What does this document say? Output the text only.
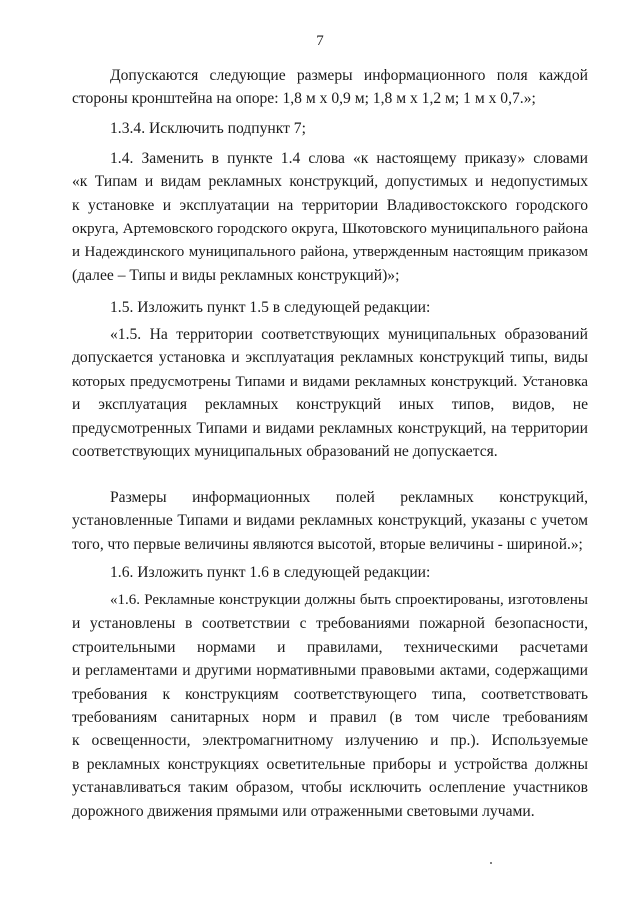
7
Допускаются следующие размеры информационного поля каждой
стороны кронштейна на опоре: 1,8 м х 0,9 м; 1,8 м х 1,2 м; 1 м х 0,7.»;
1.3.4. Исключить подпункт 7;
1.4. Заменить в пункте 1.4 слова «к настоящему приказу» словами
«к Типам и видам рекламных конструкций, допустимых и недопустимых
к установке и эксплуатации на территории Владивостокского городского
округа, Артемовского городского округа, Шкотовского муниципального района
и Надеждинского муниципального района, утвержденным настоящим приказом
(далее – Типы и виды рекламных конструкций)»;
1.5. Изложить пункт 1.5 в следующей редакции:
«1.5. На территории соответствующих муниципальных образований
допускается установка и эксплуатация рекламных конструкций типы, виды
которых предусмотрены Типами и видами рекламных конструкций. Установка
и эксплуатация рекламных конструкций иных типов, видов, не
предусмотренных Типами и видами рекламных конструкций, на территории
соответствующих муниципальных образований не допускается.
Размеры информационных полей рекламных конструкций,
установленные Типами и видами рекламных конструкций, указаны с учетом
того, что первые величины являются высотой, вторые величины - шириной.»;
1.6. Изложить пункт 1.6 в следующей редакции:
«1.6. Рекламные конструкции должны быть спроектированы, изготовлены
и установлены в соответствии с требованиями пожарной безопасности,
строительными нормами и правилами, техническими расчетами
и регламентами и другими нормативными правовыми актами, содержащими
требования к конструкциям соответствующего типа, соответствовать
требованиям санитарных норм и правил (в том числе требованиям
к освещенности, электромагнитному излучению и пр.). Используемые
в рекламных конструкциях осветительные приборы и устройства должны
устанавливаться таким образом, чтобы исключить ослепление участников
дорожного движения прямыми или отраженными световыми лучами.
